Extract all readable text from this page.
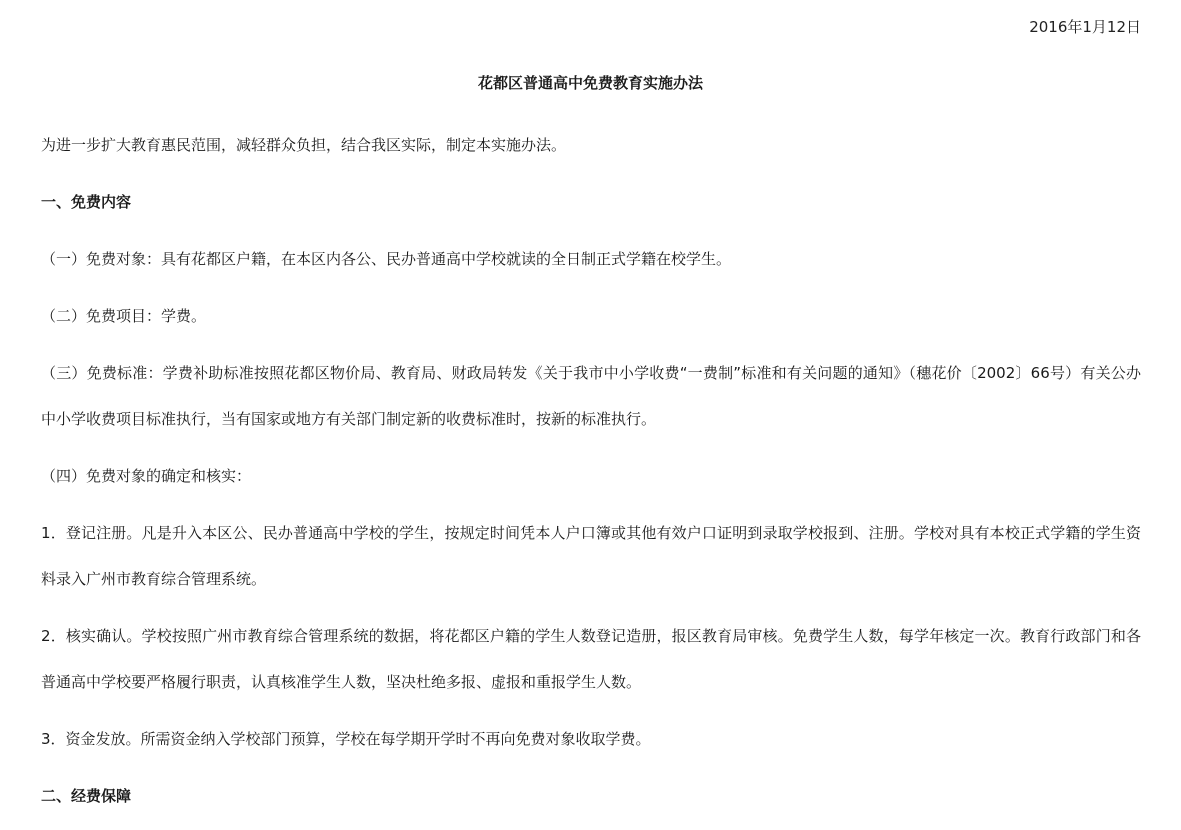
2016年1月12日
花都区普通高中免费教育实施办法

为进一步扩大教育惠民范围，减轻群众负担，结合我区实际，制定本实施办法。

一、免费内容

（一）免费对象：具有花都区户籍，在本区内各公、民办普通高中学校就读的全日制正式学籍在校学生。

（二）免费项目：学费。

（三）免费标准：学费补助标准按照花都区物价局、教育局、财政局转发《关于我市中小学收费“一费制”标准和有关问题的通知》（穗花价〔2002〕66号）有关公办中小学收费项目标准执行，当有国家或地方有关部门制定新的收费标准时，按新的标准执行。

（四）免费对象的确定和核实：

1．登记注册。凡是升入本区公、民办普通高中学校的学生，按规定时间凭本人户口簿或其他有效户口证明到录取学校报到、注册。学校对具有本校正式学籍的学生资料录入广州市教育综合管理系统。

2．核实确认。学校按照广州市教育综合管理系统的数据，将花都区户籍的学生人数登记造册，报区教育局审核。免费学生人数，每学年核定一次。教育行政部门和各普通高中学校要严格履行职责，认真核准学生人数，坚决杜绝多报、虚报和重报学生人数。

3．资金发放。所需资金纳入学校部门预算，学校在每学期开学时不再向免费对象收取学费。

二、经费保障
